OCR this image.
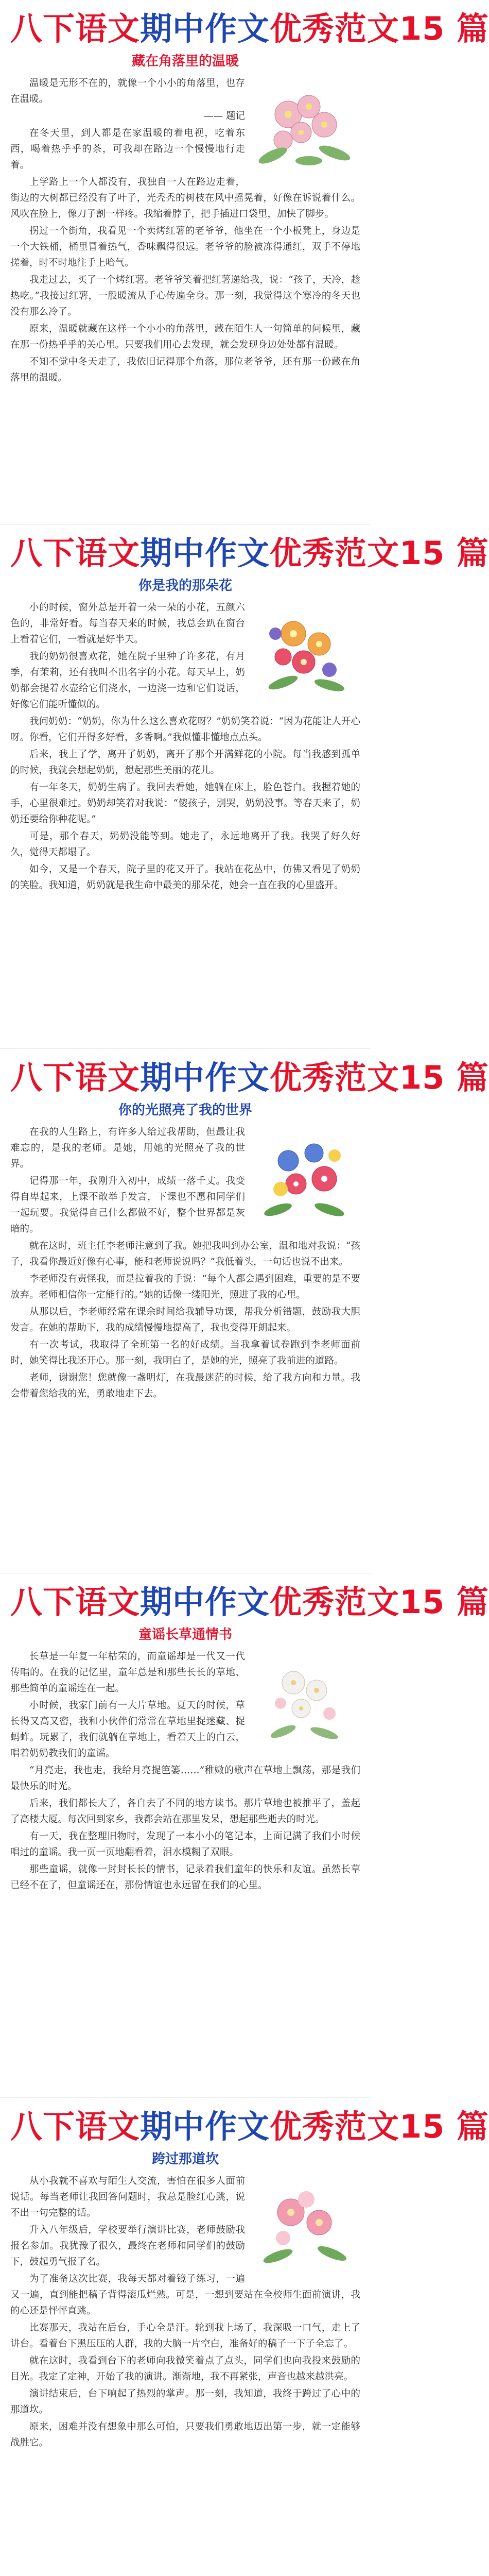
八下语文期中作文优秀范文15 篇
藏在角落里的温暖

温暖是无形不在的，就像一个小小的角落里，也存在温暖。

—— 题记

在冬天里，到人都是在家温暖的着电视，吃着东西，喝着热乎乎的茶，可我却在路边一个慢慢地行走着。

上学路上一个人都没有，我独自一人在路边走着，街边的大树都已经没有了叶子，光秃秃的树枝在风中摇晃着，好像在诉说着什么。风吹在脸上，像刀子割一样疼。我缩着脖子，把手插进口袋里，加快了脚步。

拐过一个街角，我看见一个卖烤红薯的老爷爷，他坐在一个小板凳上，身边是一个大铁桶，桶里冒着热气，香味飘得很远。老爷爷的脸被冻得通红，双手不停地搓着，时不时地往手上哈气。

我走过去，买了一个烤红薯。老爷爷笑着把红薯递给我，说：“孩子，天冷，趁热吃。”我接过红薯，一股暖流从手心传遍全身。那一刻，我觉得这个寒冷的冬天也没有那么冷了。

原来，温暖就藏在这样一个小小的角落里，藏在陌生人一句简单的问候里，藏在那一份热乎乎的关心里。只要我们用心去发现，就会发现身边处处都有温暖。

不知不觉中冬天走了，我依旧记得那个角落，那位老爷爷，还有那一份藏在角落里的温暖。

八下语文期中作文优秀范文15 篇
你是我的那朵花

小的时候，窗外总是开着一朵一朵的小花，五颜六色的，非常好看。每当春天来的时候，我总会趴在窗台上看着它们，一看就是好半天。

我的奶奶很喜欢花，她在院子里种了许多花，有月季，有茉莉，还有我叫不出名字的小花。每天早上，奶奶都会提着水壶给它们浇水，一边浇一边和它们说话，好像它们能听懂似的。

我问奶奶：“奶奶，你为什么这么喜欢花呀？”奶奶笑着说：“因为花能让人开心呀。你看，它们开得多好看，多香啊。”我似懂非懂地点点头。

后来，我上了学，离开了奶奶，离开了那个开满鲜花的小院。每当我感到孤单的时候，我就会想起奶奶，想起那些美丽的花儿。

有一年冬天，奶奶生病了。我回去看她，她躺在床上，脸色苍白。我握着她的手，心里很难过。奶奶却笑着对我说：“傻孩子，别哭，奶奶没事。等春天来了，奶奶还要给你种花呢。”

可是，那个春天，奶奶没能等到。她走了，永远地离开了我。我哭了好久好久，觉得天都塌了。

如今，又是一个春天，院子里的花又开了。我站在花丛中，仿佛又看见了奶奶的笑脸。我知道，奶奶就是我生命中最美的那朵花，她会一直在我的心里盛开。

八下语文期中作文优秀范文15 篇
你的光照亮了我的世界

在我的人生路上，有许多人给过我帮助，但最让我难忘的，是我的老师。是她，用她的光照亮了我的世界。

记得那一年，我刚升入初中，成绩一落千丈。我变得自卑起来，上课不敢举手发言，下课也不愿和同学们一起玩耍。我觉得自己什么都做不好，整个世界都是灰暗的。

就在这时，班主任李老师注意到了我。她把我叫到办公室，温和地对我说：“孩子，我看你最近好像有心事，能和老师说说吗？”我低着头，一句话也说不出来。

李老师没有责怪我，而是拉着我的手说：“每个人都会遇到困难，重要的是不要放弃。老师相信你一定能行的。”她的话像一缕阳光，照进了我的心里。

从那以后，李老师经常在课余时间给我辅导功课，帮我分析错题，鼓励我大胆发言。在她的帮助下，我的成绩慢慢地提高了，我也变得开朗起来。

有一次考试，我取得了全班第一名的好成绩。当我拿着试卷跑到李老师面前时，她笑得比我还开心。那一刻，我明白了，是她的光，照亮了我前进的道路。

老师，谢谢您！您就像一盏明灯，在我最迷茫的时候，给了我方向和力量。我会带着您给我的光，勇敢地走下去。

八下语文期中作文优秀范文15 篇
童谣长草通情书

长草是一年复一年枯荣的，而童谣却是一代又一代传唱的。在我的记忆里，童年总是和那些长长的草地、那些简单的童谣连在一起。

小时候，我家门前有一大片草地。夏天的时候，草长得又高又密，我和小伙伴们常常在草地里捉迷藏、捉蚂蚱。玩累了，我们就躺在草地上，看着天上的白云，唱着奶奶教我们的童谣。

“月亮走，我也走，我给月亮提笆篓……”稚嫩的歌声在草地上飘荡，那是我们最快乐的时光。

后来，我们都长大了，各自去了不同的地方读书。那片草地也被推平了，盖起了高楼大厦。每次回到家乡，我都会站在那里发呆，想起那些逝去的时光。

有一天，我在整理旧物时，发现了一本小小的笔记本，上面记满了我们小时候唱过的童谣。我一页一页地翻看着，泪水模糊了双眼。

那些童谣，就像一封封长长的情书，记录着我们童年的快乐和友谊。虽然长草已经不在了，但童谣还在，那份情谊也永远留在我们的心里。

八下语文期中作文优秀范文15 篇
跨过那道坎

从小我就不喜欢与陌生人交流，害怕在很多人面前说话。每当老师让我回答问题时，我总是脸红心跳，说不出一句完整的话。

升入八年级后，学校要举行演讲比赛，老师鼓励我报名参加。我犹豫了很久，最终在老师和同学们的鼓励下，鼓起勇气报了名。

为了准备这次比赛，我每天都对着镜子练习，一遍又一遍，直到能把稿子背得滚瓜烂熟。可是，一想到要站在全校师生面前演讲，我的心还是怦怦直跳。

比赛那天，我站在后台，手心全是汗。轮到我上场了，我深吸一口气，走上了讲台。看着台下黑压压的人群，我的大脑一片空白，准备好的稿子一下子全忘了。

就在这时，我看到台下的老师向我微笑着点了点头，同学们也向我投来鼓励的目光。我定了定神，开始了我的演讲。渐渐地，我不再紧张，声音也越来越洪亮。

演讲结束后，台下响起了热烈的掌声。那一刻，我知道，我终于跨过了心中的那道坎。

原来，困难并没有想象中那么可怕，只要我们勇敢地迈出第一步，就一定能够战胜它。
